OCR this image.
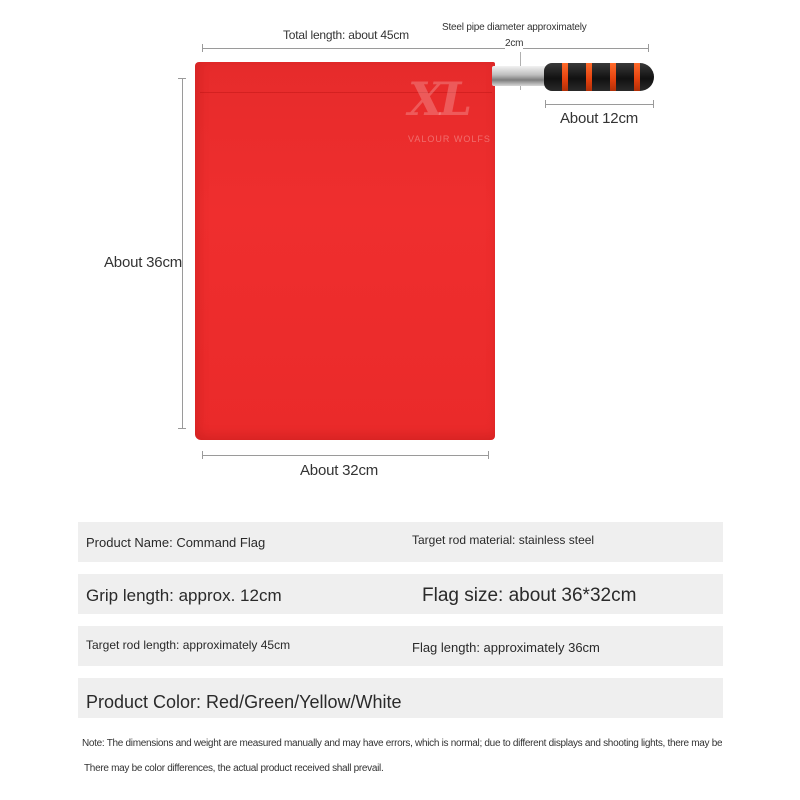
Total length: about 45cm
Steel pipe diameter approximately
2cm
XL
VALOUR WOLFS
About 12cm
About 36cm
About 32cm
Product Name: Command Flag	Target rod material: stainless steel
Grip length: approx. 12cm	Flag size: about 36*32cm
Target rod length: approximately 45cm	Flag length: approximately 36cm
Product Color: Red/Green/Yellow/White
Note: The dimensions and weight are measured manually and may have errors, which is normal; due to different displays and shooting lights, there may be
There may be color differences, the actual product received shall prevail.
